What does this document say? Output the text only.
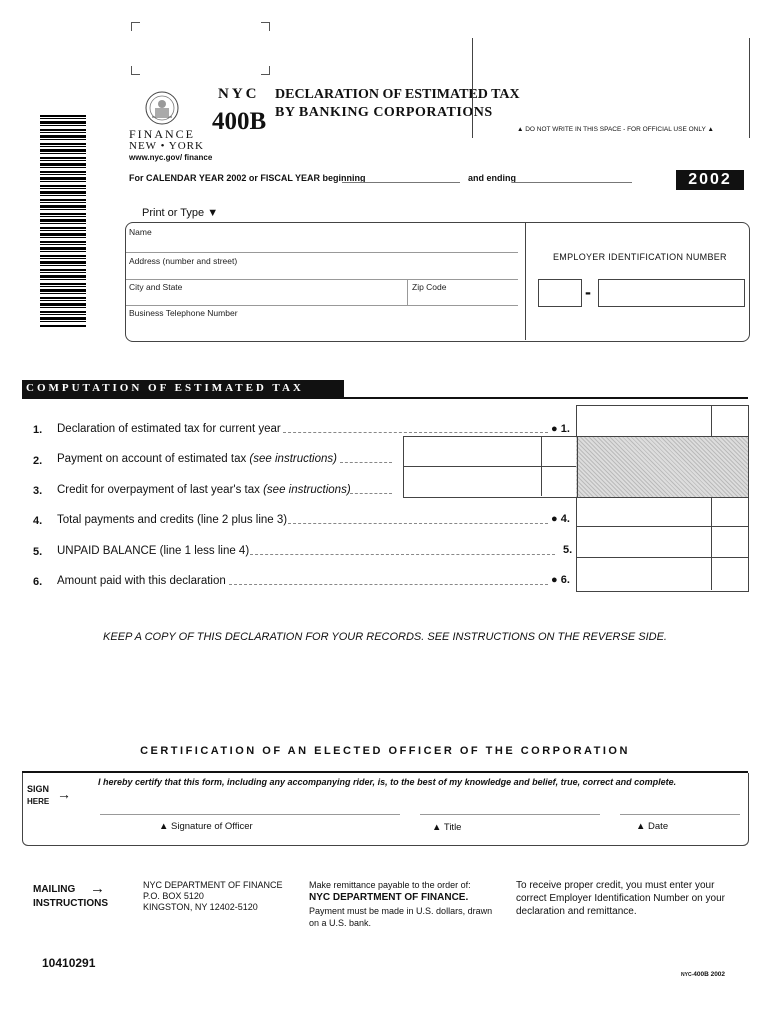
FINANCE
NEW • YORK
www.nyc.gov/ finance
NYC
400B
DECLARATION OF ESTIMATED TAX
BY BANKING CORPORATIONS
▲ DO NOT WRITE IN THIS SPACE - FOR OFFICIAL USE ONLY ▲
For CALENDAR YEAR 2002 or FISCAL YEAR beginning	and ending	2002
Print or Type ▼
Name
Address (number and street)
City and State	Zip Code
Business Telephone Number
EMPLOYER IDENTIFICATION NUMBER
-
COMPUTATION OF ESTIMATED TAX
1. Declaration of estimated tax for current year	● 1.
2. Payment on account of estimated tax (see instructions)
3. Credit for overpayment of last year's tax (see instructions)
4. Total payments and credits (line 2 plus line 3)	● 4.
5. UNPAID BALANCE (line 1 less line 4)	5.
6. Amount paid with this declaration	● 6.
KEEP A COPY OF THIS DECLARATION FOR YOUR RECORDS. SEE INSTRUCTIONS ON THE REVERSE SIDE.
CERTIFICATION OF AN ELECTED OFFICER OF THE CORPORATION
I hereby certify that this form, including any accompanying rider, is, to the best of my knowledge and belief, true, correct and complete.
SIGN
HERE →
▲ Signature of Officer	▲ Title	▲ Date
MAILING
INSTRUCTIONS
→	NYC DEPARTMENT OF FINANCE
P.O. BOX 5120
KINGSTON, NY 12402-5120
Make remittance payable to the order of:
NYC DEPARTMENT OF FINANCE.
Payment must be made in U.S. dollars, drawn
on a U.S. bank.
To receive proper credit, you must enter your
correct Employer Identification Number on your
declaration and remittance.
10410291
NYC-400B 2002
